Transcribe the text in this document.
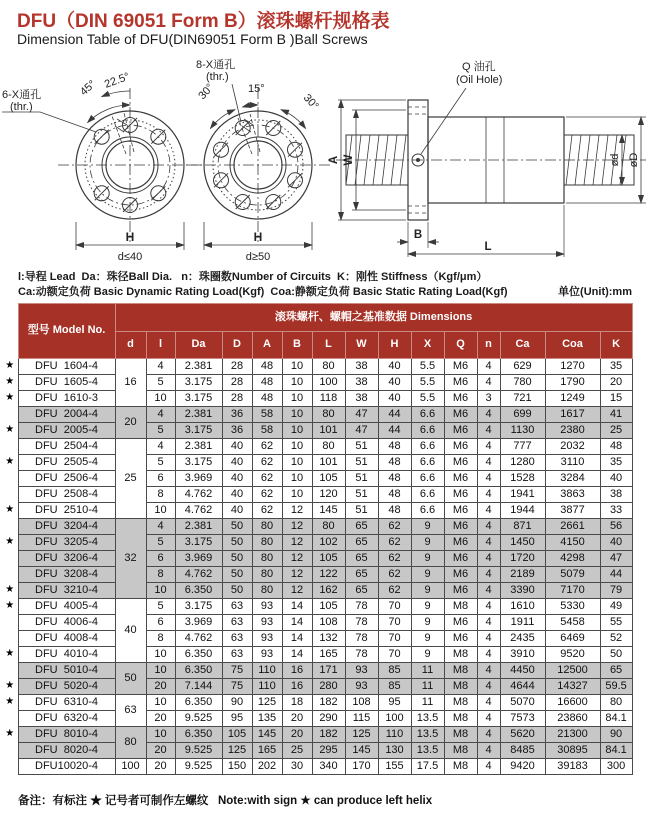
DFU（DIN 69051 Form B）滚珠螺杆规格表
Dimension Table of DFU(DIN69051 Form B )Ball Screws
45° 22.5°
6-X通孔
(thr.)
H
d≤40
30°	15°
30°
8-X通孔
(thr.)
H
d≥50
Q 油孔
(Oil Hole)
A W
B
L
ød øD
l:导程 Lead  Da：珠径Ball Dia.   n：珠圈数Number of Circuits  K：刚性 Stiffness（Kgf/μm）
Ca:动额定负荷 Basic Dynamic Rating Load(Kgf)  Coa:静额定负荷 Basic Static Rating Load(Kgf)	单位(Unit):mm
	型号 Model No.	滚珠螺杆、螺帽之基准数据 Dimensions														
		d	l	Da	D	A	B	L	W	H	X	Q	n	Ca	Coa	K
★	DFU  1604-4	16	4	2.381	28	48	10	80	38	40	5.5	M6	4	629	1270	35
★	DFU  1605-4		5	3.175	28	48	10	100	38	40	5.5	M6	4	780	1790	20
★	DFU  1610-3		10	3.175	28	48	10	118	38	40	5.5	M6	3	721	1249	15
	DFU  2004-4	20	4	2.381	36	58	10	80	47	44	6.6	M6	4	699	1617	41
★	DFU  2005-4		5	3.175	36	58	10	101	47	44	6.6	M6	4	1130	2380	25
	DFU  2504-4	25	4	2.381	40	62	10	80	51	48	6.6	M6	4	777	2032	48
★	DFU  2505-4		5	3.175	40	62	10	101	51	48	6.6	M6	4	1280	3110	35
	DFU  2506-4		6	3.969	40	62	10	105	51	48	6.6	M6	4	1528	3284	40
	DFU  2508-4		8	4.762	40	62	10	120	51	48	6.6	M6	4	1941	3863	38
★	DFU  2510-4		10	4.762	40	62	12	145	51	48	6.6	M6	4	1944	3877	33
	DFU  3204-4	32	4	2.381	50	80	12	80	65	62	9	M6	4	871	2661	56
★	DFU  3205-4		5	3.175	50	80	12	102	65	62	9	M6	4	1450	4150	40
	DFU  3206-4		6	3.969	50	80	12	105	65	62	9	M6	4	1720	4298	47
	DFU  3208-4		8	4.762	50	80	12	122	65	62	9	M6	4	2189	5079	44
★	DFU  3210-4		10	6.350	50	80	12	162	65	62	9	M6	4	3390	7170	79
★	DFU  4005-4	40	5	3.175	63	93	14	105	78	70	9	M8	4	1610	5330	49
	DFU  4006-4		6	3.969	63	93	14	108	78	70	9	M6	4	1911	5458	55
	DFU  4008-4		8	4.762	63	93	14	132	78	70	9	M6	4	2435	6469	52
★	DFU  4010-4		10	6.350	63	93	14	165	78	70	9	M8	4	3910	9520	50
	DFU  5010-4	50	10	6.350	75	110	16	171	93	85	11	M8	4	4450	12500	65
★	DFU  5020-4		20	7.144	75	110	16	280	93	85	11	M8	4	4644	14327	59.5
★	DFU  6310-4	63	10	6.350	90	125	18	182	108	95	11	M8	4	5070	16600	80
	DFU  6320-4		20	9.525	95	135	20	290	115	100	13.5	M8	4	7573	23860	84.1
★	DFU  8010-4	80	10	6.350	105	145	20	182	125	110	13.5	M8	4	5620	21300	90
	DFU  8020-4		20	9.525	125	165	25	295	145	130	13.5	M8	4	8485	30895	84.1
	DFU10020-4	100	20	9.525	150	202	30	340	170	155	17.5	M8	4	9420	39183	300
备注：有标注 ★ 记号者可制作左螺纹   Note:with sign ★ can produce left helix
